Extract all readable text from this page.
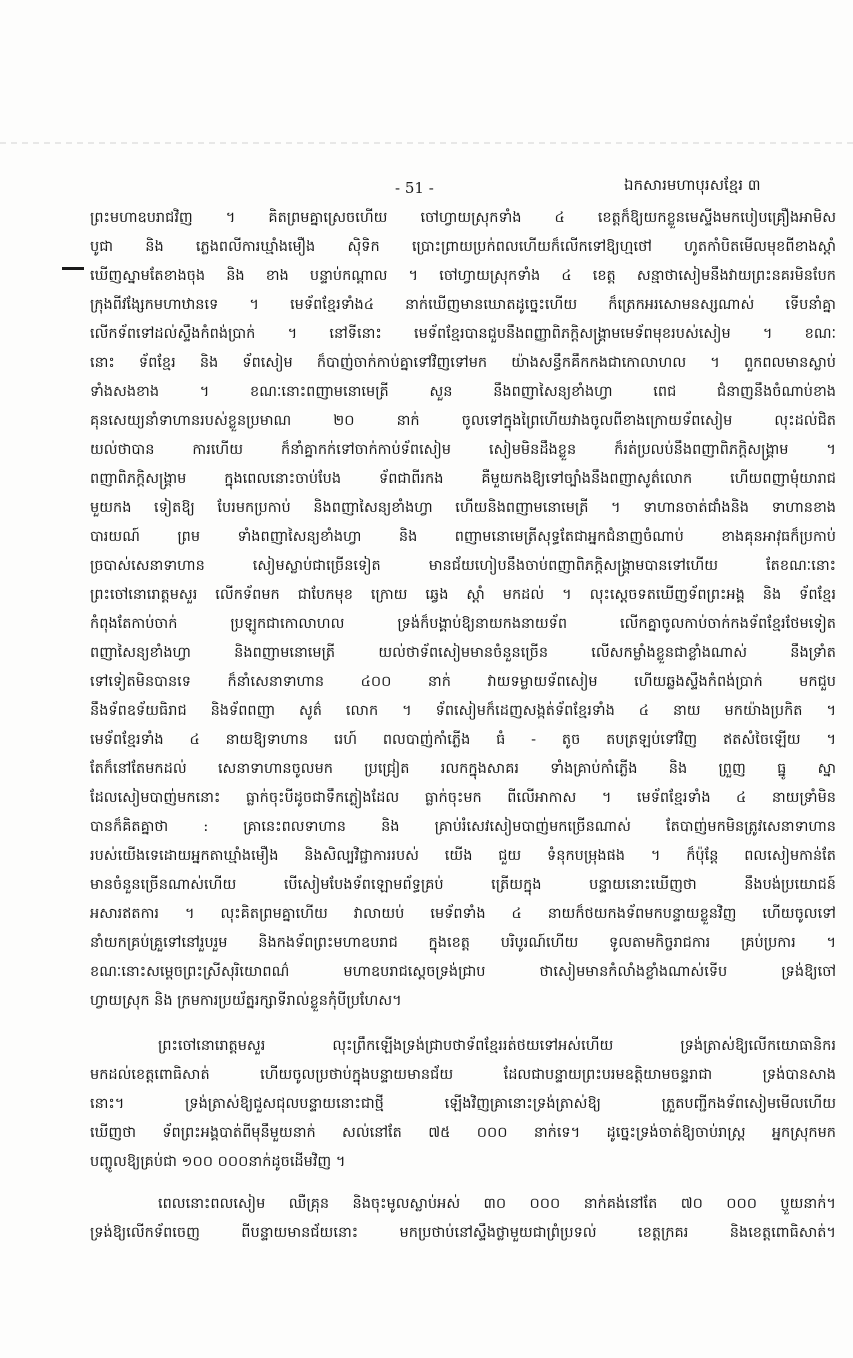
- 51 -	ឯកសារមហាបុរសខ្មែរ ៣
ព្រះមហាឧបរាជវិញ ។ គិតព្រមគ្នាស្រេចហើយ ចៅហ្វាយស្រុកទាំង ៤ ខេត្តក៏ឱ្យយកខ្លួនមេស្ទីងមកបៀបគ្រឿងអាមិស
បូជា និង ភ្លេងពលីការឃ្មាំងមឿង ស៊ិទិក ប្រោះព្រាយប្រក់ពលហើយក៏លើកទៅឱ្យហ្មថៅ ហូតកាំបិតមើលមុខពីខាងស្ដាំ
ឃើញស្នាមតែខាងចុង និង ខាង បន្ទាប់កណ្ដាល ។ ចៅហ្វាយស្រុកទាំង ៤ ខេត្ត សន្មាថាសៀមនឹងវាយព្រះនគរមិនបែក
ក្រុងពីវង្សែកមហាឋានទេ ។ មេទ័ពខ្មែរទាំង៤ នាក់ឃើញមានឃោតដូច្នេះហើយ ក៏ត្រេកអរសោមនស្សណាស់ ទើបនាំគ្នា
លើកទ័ពទៅដល់ស្ទឹងកំពង់ប្រាក់ ។ នៅទីនោះ មេទ័ពខ្មែរបានជួបនឹងពញ្ញាពិភក្តិសង្គ្រាមមេទ័ពមុខរបស់សៀម ។ ខណៈ
នោះ ទ័ពខ្មែរ និង ទ័ពសៀម ក៏បាញ់ចាក់កាប់គ្នាទៅវិញទៅមក យ៉ាងសន្ធឹកគឹកកងជាកោលាហល ។ ពួកពលមានស្លាប់
ទាំងសងខាង ។ ខណៈនោះពញាមនោមេត្រី សួន នឹងពញាសៃន្យខាំងហ្វា ពេជ ជំនាញនឹងចំណាប់ខាង
គុនសេយ្យនាំទាហានរបស់ខ្លួនប្រមាណ ២០ នាក់ ចូលទៅក្នុងព្រៃហើយវាងចូលពីខាងក្រោយទ័ពសៀម លុះដល់ជិត
យល់ថាបាន ការហើយ ក៏នាំគ្នាកក់ទៅចាក់កាប់ទ័ពសៀម សៀមមិនដឹងខ្លួន ក៏រត់ប្រលប់នឹងពញាពិភក្តិសង្គ្រាម ។
ពញាពិភក្តិសង្គ្រាម ក្នុងពេលនោះចាប់បែង ទ័ពជាពីរកង គឺមួយកងឱ្យទៅច្បាំងនឹងពញាសូត៌លោក ហើយពញាមុំយារាជ
មួយកង ទៀតឱ្យ បែរមកប្រកាប់ និងពញាសៃន្យខាំងហ្វា ហើយនិងពញាមនោមេត្រី ។ ទាហានចាត់ជាំងនិង ទាហានខាង
បារយណ៍ ព្រម ទាំងពញាសៃន្យខាំងហ្វា និង ពញាមនោមេត្រីសុទ្ធតែជាអ្នកជំនាញចំណាប់ ខាងគុនអាវុធក៏ប្រកាប់
ច្របាស់សេនាទាហាន សៀមស្លាប់ជាច្រើនទៀត មានជ័យហៀបនឹងចាប់ពញាពិភក្តិសង្គ្រាមបានទៅហើយ តែខណៈនោះ
ព្រះចៅនោរោត្តមសួរ លើកទ័ពមក ជាបែកមុខ ក្រោយ ឆ្វេង ស្ដាំ មកដល់ ។ លុះស្ដេចទតឃើញទ័ពព្រះអង្គ និង ទ័ពខ្មែរ
កំពុងតែកាប់ចាក់ ប្រឡូកជាកោលាហល ទ្រង់ក៏បង្គាប់ឱ្យនាយកងនាយទ័ព លើកគ្នាចូលកាប់ចាក់កងទ័ពខ្មែរថែមទៀត
ពញាសៃន្យខាំងហ្វា និងពញាមនោមេត្រី យល់ថាទ័ពសៀមមានចំនួនច្រើន លើសកម្លាំងខ្លួនជាខ្លាំងណាស់ នឹងទ្រាំត
ទៅទៀតមិនបានទេ ក៏នាំសេនាទាហាន ៤០០ នាក់ វាយទម្លាយទ័ពសៀម ហើយឆ្លងស្ទឹងកំពង់ប្រាក់ មកជួប
នឹងទ័ពឧទ័យធិរាជ និងទ័ពពញា សូត៌ លោក ។ ទ័ពសៀមក៏ដេញសង្កត់ទ័ពខ្មែរទាំង ៤ នាយ មកយ៉ាងប្រកិត ។
មេទ័ពខ្មែរទាំង ៤ នាយឱ្យទាហាន រេហ៍ ពលបាញ់កាំភ្លើង ធំ - តូច តបត្រឡប់ទៅវិញ ឥតសំចៃឡើយ ។
តែក៏នៅតែមកដល់ សេនាទាហានចូលមក ប្រជ្រៀត រលកក្នុងសាគរ ទាំងគ្រាប់កាំភ្លើង និង ព្រួញ ធ្នូ ស្នា
ដែលសៀមបាញ់មកនោះ ធ្លាក់ចុះបីដូចជាទឹកភ្លៀងដែល ធ្លាក់ចុះមក ពីលើអាកាស ។ មេទ័ពខ្មែរទាំង ៤ នាយទ្រាំមិន
បានក៏គិតគ្នាថា : គ្រានេះពលទាហាន និង គ្រាប់រំសេវសៀមបាញ់មកច្រើនណាស់ តែបាញ់មកមិនត្រូវសេនាទាហាន
របស់យើងទេដោយអ្នកតាឃ្មាំងមឿង និងសិល្បវិជ្ជាការរបស់ យើង ជួយ ទំនុកបម្រុងផង ។ ក៏ប៉ុន្តែ ពលសៀមកាន់តែ
មានចំនួនច្រើនណាស់ហើយ បើសៀមបែងទ័ពឡោមព័ទ្ធគ្រប់ ត្រើយក្នុង បន្ទាយនោះឃើញថា នឹងបង់ប្រយោជន៍
អសារឥតការ ។ លុះគិតព្រមគ្នាហើយ វាលាយប់ មេទ័ពទាំង ៤ នាយក៏ថយកងទ័ពមកបន្ទាយខ្លួនវិញ ហើយចូលទៅ
នាំយកគ្រប់គ្រួទៅនៅរួបរួម និងកងទ័ពព្រះមហាឧបរាជ ក្នុងខេត្ត បរិបូរណ៍ហើយ ទូលតាមកិច្ចរាជការ គ្រប់ប្រការ ។
ខណៈនោះសម្ដេចព្រះស្រីសុរិយោពណ៌ មហាឧបរាជស្ដេចទ្រង់ជ្រាប ថាសៀមមានកំលាំងខ្លាំងណាស់ទើប ទ្រង់ឱ្យចៅ
ហ្វាយស្រុក និង ក្រមការប្រយ័ត្នរក្សាទីរាល់ខ្លួនកុំបីប្រហែស។
ព្រះចៅនោរោត្តមសួរ លុះព្រឹកឡើងទ្រង់ជ្រាបថាទ័ពខ្មែររត់ថយទៅអស់ហើយ ទ្រង់ត្រាស់ឱ្យលើកយោធានិករ
មកដល់ខេត្តពោធិសាត់ ហើយចូលប្រថាប់ក្នុងបន្ទាយមានជ័យ ដែលជាបន្ទាយព្រះបរមឧត្តិយាមចន្ទរាជា ទ្រង់បានសាង
នោះ។ ទ្រង់ត្រាស់ឱ្យជួសជុលបន្ទាយនោះជាថ្មី ឡើងវិញគ្រានោះទ្រង់ត្រាស់ឱ្យ ត្រួតបញ្ជីកងទ័ពសៀមមើលហើយ
ឃើញថា ទ័ពព្រះអង្គបាត់ពីមុនឹមួយនាក់ សល់នៅតែ ៧៥ ០០០ នាក់ទេ។ ដូច្នេះទ្រង់ចាត់ឱ្យចាប់រាស្ត្រ អ្នកស្រុកមក
បញ្ចូលឱ្យគ្រប់ជា ១០០ ០០០នាក់ដូចដើមវិញ ។
ពេលនោះពលសៀម ឈឺគ្រុន និងចុះមូលស្លាប់អស់ ៣០ ០០០ នាក់គង់នៅតែ ៧០ ០០០ ប្ញួយនាក់។
ទ្រង់ឱ្យលើកទ័ពចេញ ពីបន្ទាយមានជ័យនោះ មកប្រថាប់នៅស្ទឹងថ្លាមួយជាព្រំប្រទល់ ខេត្តក្រគរ និងខេត្តពោធិសាត់។
